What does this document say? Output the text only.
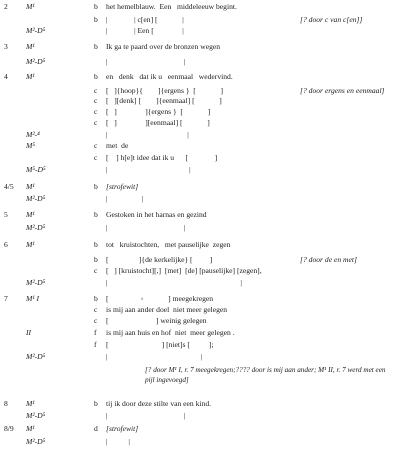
2 M¹	b het hemelblauw.  Een   middeleeuw begint.
b |              | c[en] [             |	[? door c van c[en]]
M²-D⁵	|              | Een [               |
3 M¹	b Ik ga te paard over de bronzen wegen
M²-D⁵	|                                        |
4 M¹	b en   denk   dat ik u   eenmaal   wedervind.
c [   ]{hoop}{        ]{ergens }  [             ]	[? door ergens en eenmaal]
c [   ][denk] [        ]{eenmaal] [             ]
c [   ]               ]{ergens }  [             ]
c [   ]               ][eenmaal] [             ]
M²-⁴	|                                          |
M⁵	c met  de
c [    ] h[e]t idee dat ik u      [              ]
M⁵-D⁵	|                                           |
4/5 M¹	b [strofewit]
M²-D⁵	|                  |
5 M¹	b Gestoken in het harnas en gezind
M²-D⁵	|                                        |
6 M¹	b tot   kruistochten,   met pauselijke  zegen
b [                ]{de kerkelijke} [         ]	[? door de en met]
c [   ] [kruistocht][,]  [met]  [de] [pauselijke] [zegen],
M²-D⁵	|                                                                      |
7 M¹ I	b [                 ◦             ] meegekregen
c is mij aan ander doel  niet meer gelegen
c [                         ] weinig gelegen
II	f is mij aan huis en hof  niet  meer gelegen .
f [                            ] [niet]s [          ];
M²-D⁵	|                                                 |
8 M¹	b tij ik door deze stilte van een kind.
M²-D⁵	|                                        |
8/9 M¹	d [strofewit]
M²-D⁵	|           |
[? door M¹ I, r. 7 meegekregen;???? door is mij aan ander; M¹ II, r. 7 werd met een pijl ingevoegd]
